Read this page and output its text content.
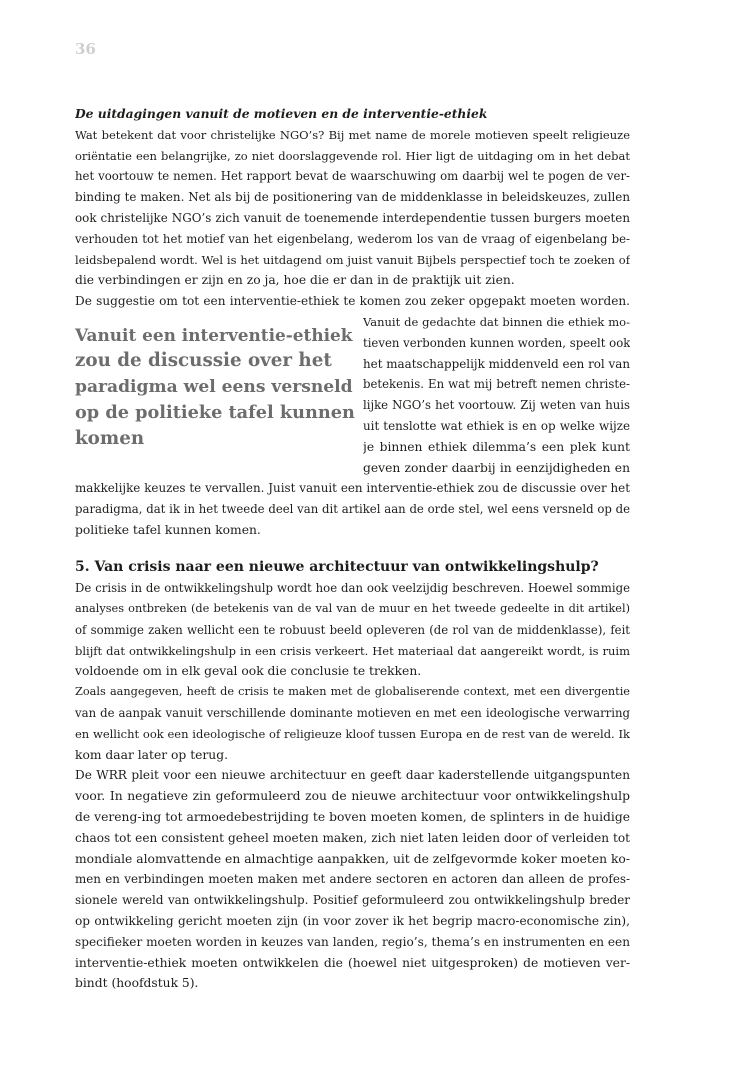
36
De uitdagingen vanuit de motieven en de interventie-ethiek
Wat betekent dat voor christelijke NGO’s? Bij met name de morele motieven speelt religieuze
oriëntatie een belangrijke, zo niet doorslaggevende rol. Hier ligt de uitdaging om in het debat
het voortouw te nemen. Het rapport bevat de waarschuwing om daarbij wel te pogen de ver-
binding te maken. Net als bij de positionering van de middenklasse in beleidskeuzes, zullen
ook christelijke NGO’s zich vanuit de toenemende interdependentie tussen burgers moeten
verhouden tot het motief van het eigenbelang, wederom los van de vraag of eigenbelang be-
leidsbepalend wordt. Wel is het uitdagend om juist vanuit Bijbels perspectief toch te zoeken of
die verbindingen er zijn en zo ja, hoe die er dan in de praktijk uit zien.
De suggestie om tot een interventie-ethiek te komen zou zeker opgepakt moeten worden.
Vanuit een interventie-ethiek
zou de discussie over het
paradigma wel eens versneld
op de politieke tafel kunnen
komen
Vanuit de gedachte dat binnen die ethiek mo-
tieven verbonden kunnen worden, speelt ook
het maatschappelijk middenveld een rol van
betekenis. En wat mij betreft nemen christe-
lijke NGO’s het voortouw. Zij weten van huis
uit tenslotte wat ethiek is en op welke wijze
je binnen ethiek dilemma’s een plek kunt
geven zonder daarbij in eenzijdigheden en
makkelijke keuzes te vervallen. Juist vanuit een interventie-ethiek zou de discussie over het
paradigma, dat ik in het tweede deel van dit artikel aan de orde stel, wel eens versneld op de
politieke tafel kunnen komen.
5. Van crisis naar een nieuwe architectuur van ontwikkelingshulp?
De crisis in de ontwikkelingshulp wordt hoe dan ook veelzijdig beschreven. Hoewel sommige
analyses ontbreken (de betekenis van de val van de muur en het tweede gedeelte in dit artikel)
of sommige zaken wellicht een te robuust beeld opleveren (de rol van de middenklasse), feit
blijft dat ontwikkelingshulp in een crisis verkeert. Het materiaal dat aangereikt wordt, is ruim
voldoende om in elk geval ook die conclusie te trekken.
Zoals aangegeven, heeft de crisis te maken met de globaliserende context, met een divergentie
van de aanpak vanuit verschillende dominante motieven en met een ideologische verwarring
en wellicht ook een ideologische of religieuze kloof tussen Europa en de rest van de wereld. Ik
kom daar later op terug.
De WRR pleit voor een nieuwe architectuur en geeft daar kaderstellende uitgangspunten
voor. In negatieve zin geformuleerd zou de nieuwe architectuur voor ontwikkelingshulp
de vereng-ing tot armoedebestrijding te boven moeten komen, de splinters in de huidige
chaos tot een consistent geheel moeten maken, zich niet laten leiden door of verleiden tot
mondiale alomvattende en almachtige aanpakken, uit de zelfgevormde koker moeten ko-
men en verbindingen moeten maken met andere sectoren en actoren dan alleen de profes-
sionele wereld van ontwikkelingshulp. Positief geformuleerd zou ontwikkelingshulp breder
op ontwikkeling gericht moeten zijn (in voor zover ik het begrip macro-economische zin),
specifieker moeten worden in keuzes van landen, regio’s, thema’s en instrumenten en een
interventie-ethiek moeten ontwikkelen die (hoewel niet uitgesproken) de motieven ver-
bindt (hoofdstuk 5).
